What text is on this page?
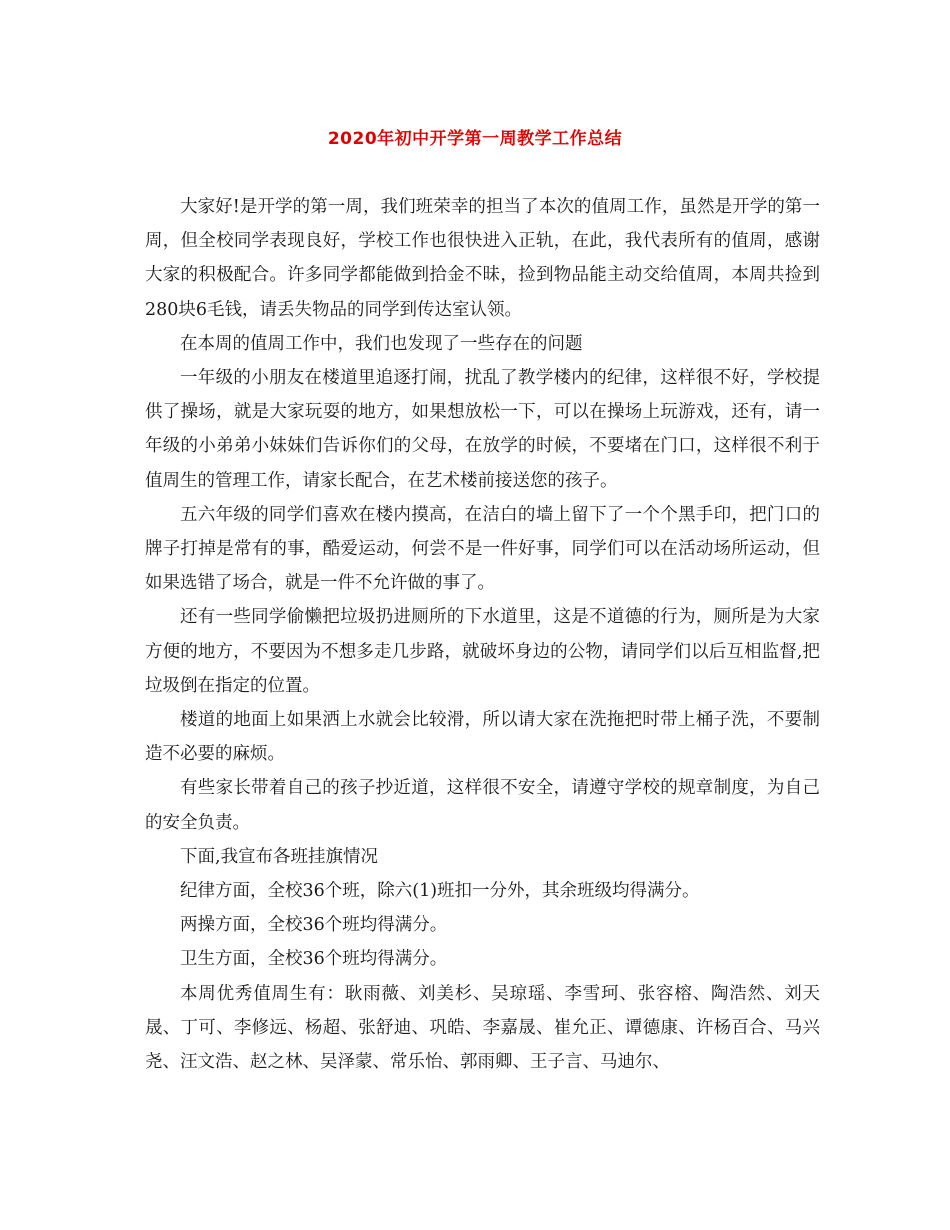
2020年初中开学第一周教学工作总结

大家好!是开学的第一周，我们班荣幸的担当了本次的值周工作，虽然是开学的第一周，但全校同学表现良好，学校工作也很快进入正轨，在此，我代表所有的值周，感谢大家的积极配合。许多同学都能做到拾金不昧，捡到物品能主动交给值周，本周共捡到280块6毛钱，请丢失物品的同学到传达室认领。

在本周的值周工作中，我们也发现了一些存在的问题

一年级的小朋友在楼道里追逐打闹，扰乱了教学楼内的纪律，这样很不好，学校提供了操场，就是大家玩耍的地方，如果想放松一下，可以在操场上玩游戏，还有，请一年级的小弟弟小妹妹们告诉你们的父母，在放学的时候，不要堵在门口，这样很不利于值周生的管理工作，请家长配合，在艺术楼前接送您的孩子。

五六年级的同学们喜欢在楼内摸高，在洁白的墙上留下了一个个黑手印，把门口的牌子打掉是常有的事，酷爱运动，何尝不是一件好事，同学们可以在活动场所运动，但如果选错了场合，就是一件不允许做的事了。

还有一些同学偷懒把垃圾扔进厕所的下水道里，这是不道德的行为，厕所是为大家方便的地方，不要因为不想多走几步路，就破坏身边的公物，请同学们以后互相监督,把垃圾倒在指定的位置。

楼道的地面上如果洒上水就会比较滑，所以请大家在洗拖把时带上桶子洗，不要制造不必要的麻烦。

有些家长带着自己的孩子抄近道，这样很不安全，请遵守学校的规章制度，为自己的安全负责。

下面,我宣布各班挂旗情况

纪律方面，全校36个班，除六(1)班扣一分外，其余班级均得满分。

两操方面，全校36个班均得满分。

卫生方面，全校36个班均得满分。

本周优秀值周生有：耿雨薇、刘美杉、吴琼瑶、李雪珂、张容榕、陶浩然、刘天晟、丁可、李修远、杨超、张舒迪、巩皓、李嘉晟、崔允正、谭德康、许杨百合、马兴尧、汪文浩、赵之林、吴泽蒙、常乐怡、郭雨卿、王子言、马迪尔、
